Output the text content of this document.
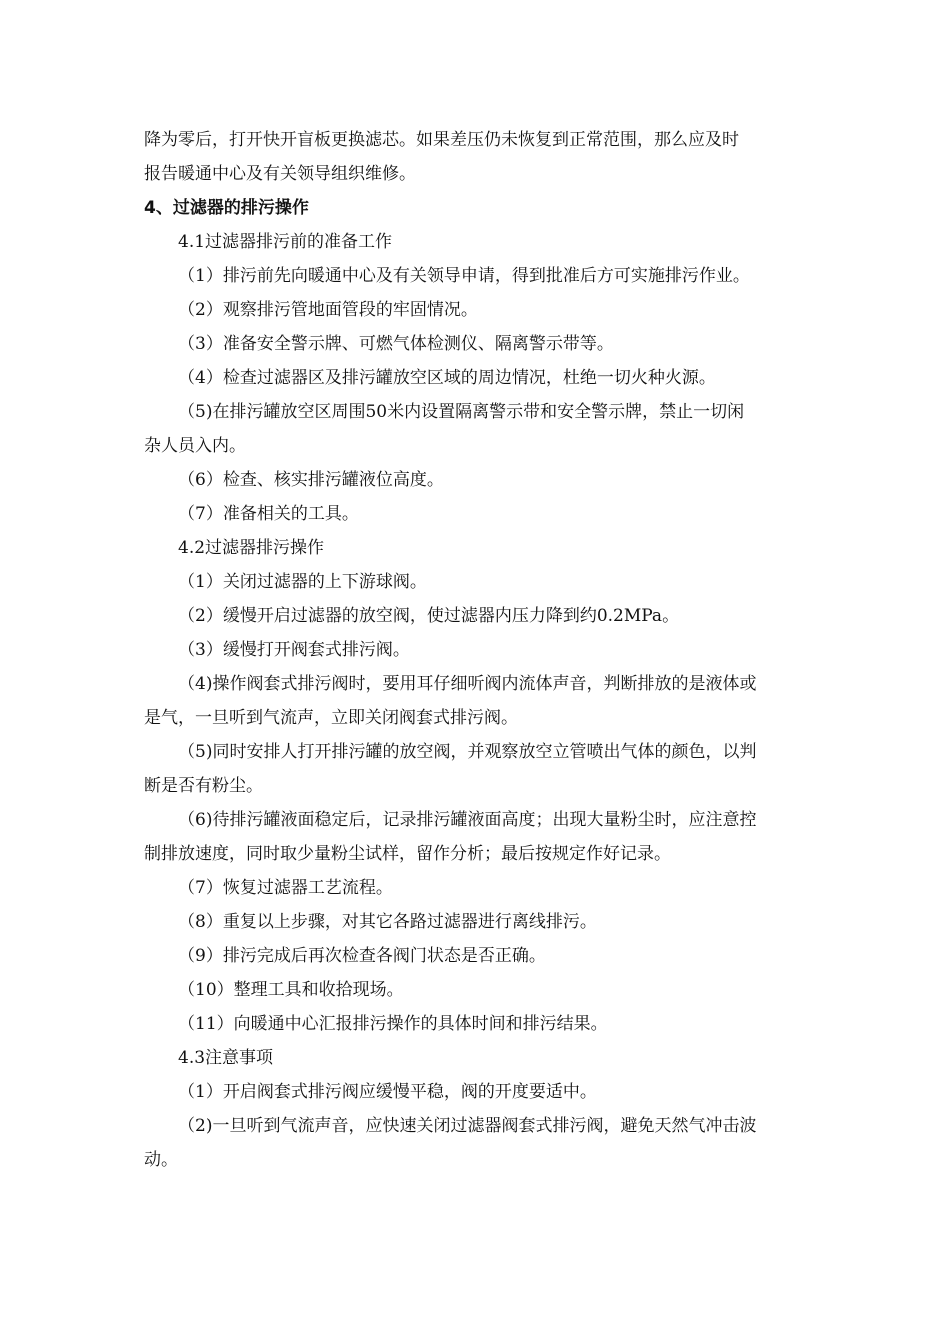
降为零后，打开快开盲板更换滤芯。如果差压仍未恢复到正常范围，那么应及时
报告暖通中心及有关领导组织维修。
4、过滤器的排污操作
4.1过滤器排污前的准备工作
（1）排污前先向暖通中心及有关领导申请，得到批准后方可实施排污作业。
（2）观察排污管地面管段的牢固情况。
（3）准备安全警示牌、可燃气体检测仪、隔离警示带等。
（4）检查过滤器区及排污罐放空区域的周边情况，杜绝一切火种火源。
（5)在排污罐放空区周围50米内设置隔离警示带和安全警示牌，禁止一切闲
杂人员入内。
（6）检查、核实排污罐液位高度。
（7）准备相关的工具。
4.2过滤器排污操作
（1）关闭过滤器的上下游球阀。
（2）缓慢开启过滤器的放空阀，使过滤器内压力降到约0.2MPa。
（3）缓慢打开阀套式排污阀。
（4)操作阀套式排污阀时，要用耳仔细听阀内流体声音，判断排放的是液体或
是气，一旦听到气流声，立即关闭阀套式排污阀。
（5)同时安排人打开排污罐的放空阀，并观察放空立管喷出气体的颜色，以判
断是否有粉尘。
（6)待排污罐液面稳定后，记录排污罐液面高度；出现大量粉尘时，应注意控
制排放速度，同时取少量粉尘试样，留作分析；最后按规定作好记录。
（7）恢复过滤器工艺流程。
（8）重复以上步骤，对其它各路过滤器进行离线排污。
（9）排污完成后再次检查各阀门状态是否正确。
（10）整理工具和收拾现场。
（11）向暖通中心汇报排污操作的具体时间和排污结果。
4.3注意事项
（1）开启阀套式排污阀应缓慢平稳，阀的开度要适中。
（2)一旦听到气流声音，应快速关闭过滤器阀套式排污阀，避免天然气冲击波
动。
